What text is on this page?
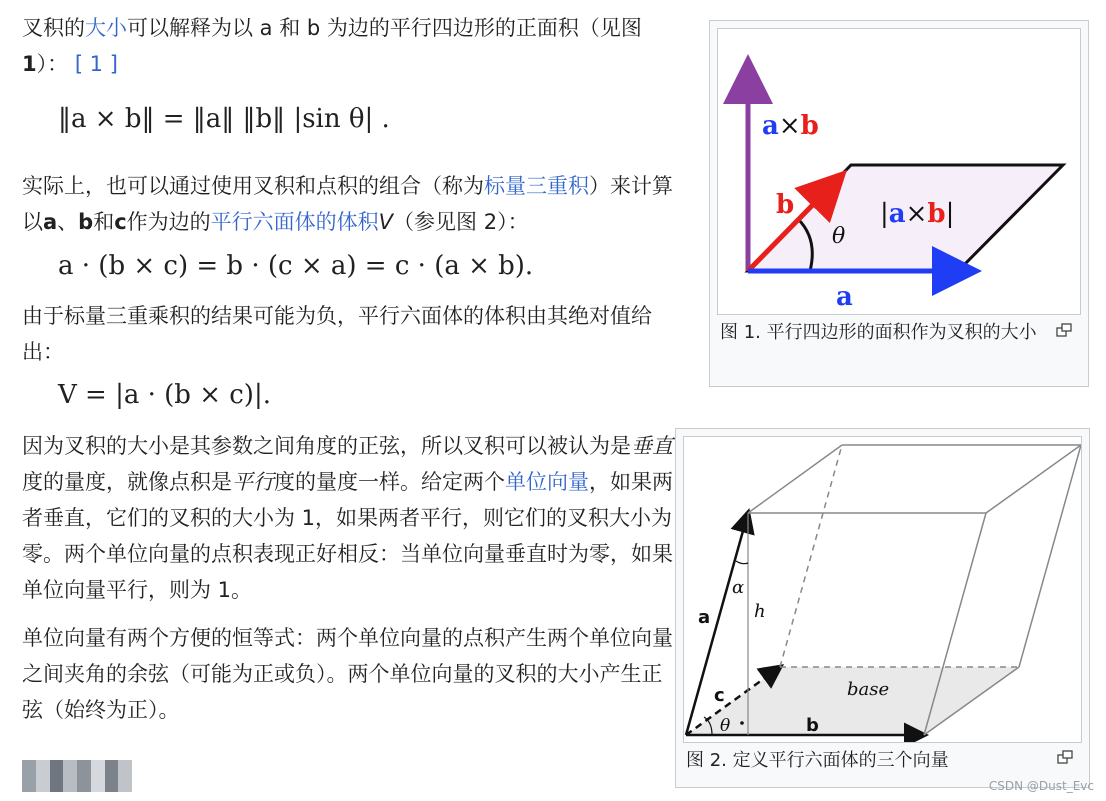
叉积的大小可以解释为以 a 和 b 为边的平行四边形的正面积（见图1）： [ 1 ]

‖a × b‖ = ‖a‖ ‖b‖ |sin θ| .

实际上，也可以通过使用叉积和点积的组合（称为标量三重积）来计算以a、b和c作为边的平行六面体的体积V（参见图 2）：

a · (b × c) = b · (c × a) = c · (a × b).

由于标量三重乘积的结果可能为负，平行六面体的体积由其绝对值给出：

V = |a · (b × c)|.

因为叉积的大小是其参数之间角度的正弦，所以叉积可以被认为是垂直度的量度，就像点积是平行度的量度一样。给定两个单位向量，如果两者垂直，它们的叉积的大小为 1，如果两者平行，则它们的叉积大小为零。两个单位向量的点积表现正好相反：当单位向量垂直时为零，如果单位向量平行，则为 1。

单位向量有两个方便的恒等式：两个单位向量的点积产生两个单位向量之间夹角的余弦（可能为正或负）。两个单位向量的叉积的大小产生正弦（始终为正）。

a×b
b
θ
|a×b|
a
图 1. 平行四边形的面积作为叉积的大小
a
α
h
c
θ	b
base
图 2. 定义平行六面体的三个向量
CSDN @Dust_Evc
